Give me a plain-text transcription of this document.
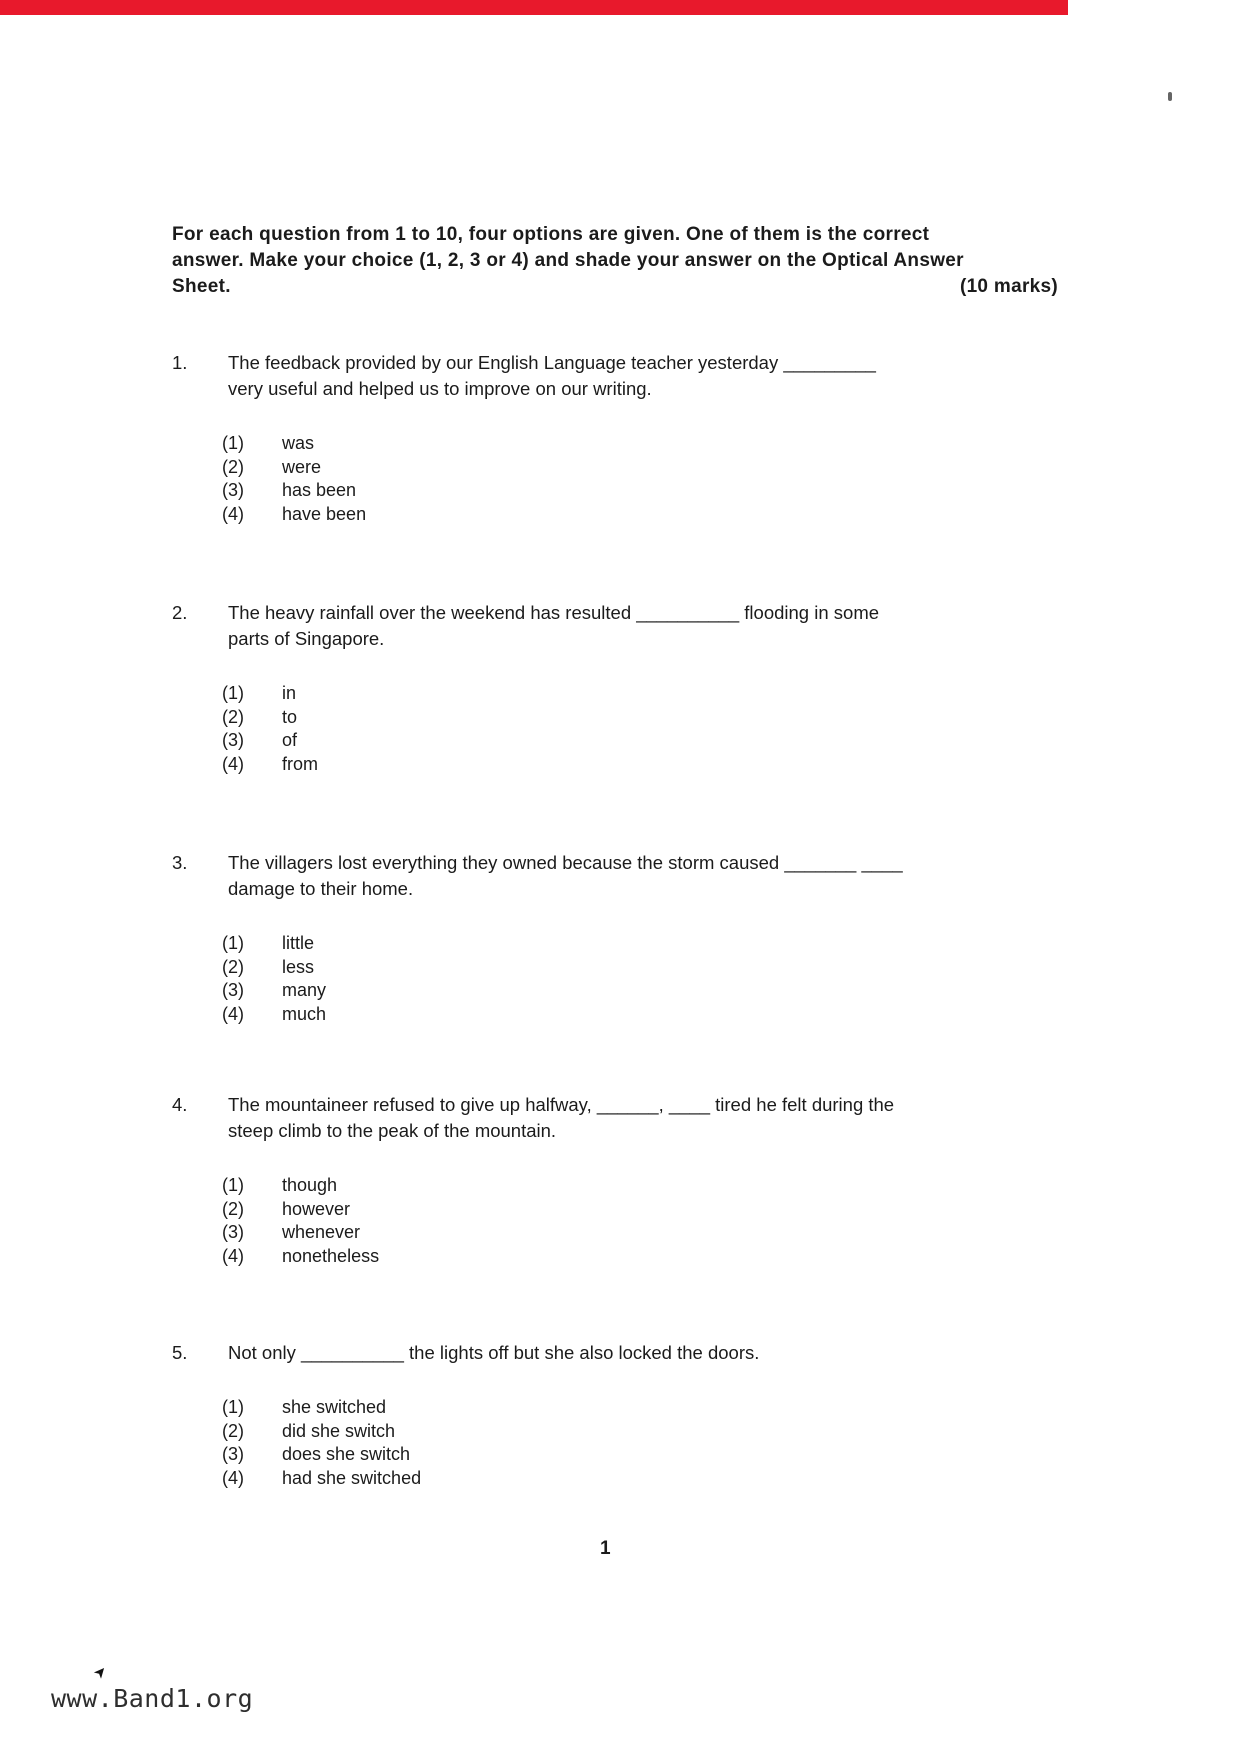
For each question from 1 to 10, four options are given. One of them is the correct
answer. Make your choice (1, 2, 3 or 4) and shade your answer on the Optical Answer
Sheet.	(10 marks)
1. The feedback provided by our English Language teacher yesterday _________
very useful and helped us to improve on our writing.
(1)	was
(2)	were
(3)	has been
(4)	have been
2. The heavy rainfall over the weekend has resulted __________ flooding in some
parts of Singapore.
(1)	in
(2)	to
(3)	of
(4)	from
3. The villagers lost everything they owned because the storm caused _______ ____
damage to their home.
(1)	little
(2)	less
(3)	many
(4)	much
4. The mountaineer refused to give up halfway, ______, ____ tired he felt during the
steep climb to the peak of the mountain.
(1)	though
(2)	however
(3)	whenever
(4)	nonetheless
5. Not only __________ the lights off but she also locked the doors.
(1)	she switched
(2)	did she switch
(3)	does she switch
(4)	had she switched
1
➤
www.Band1.org
